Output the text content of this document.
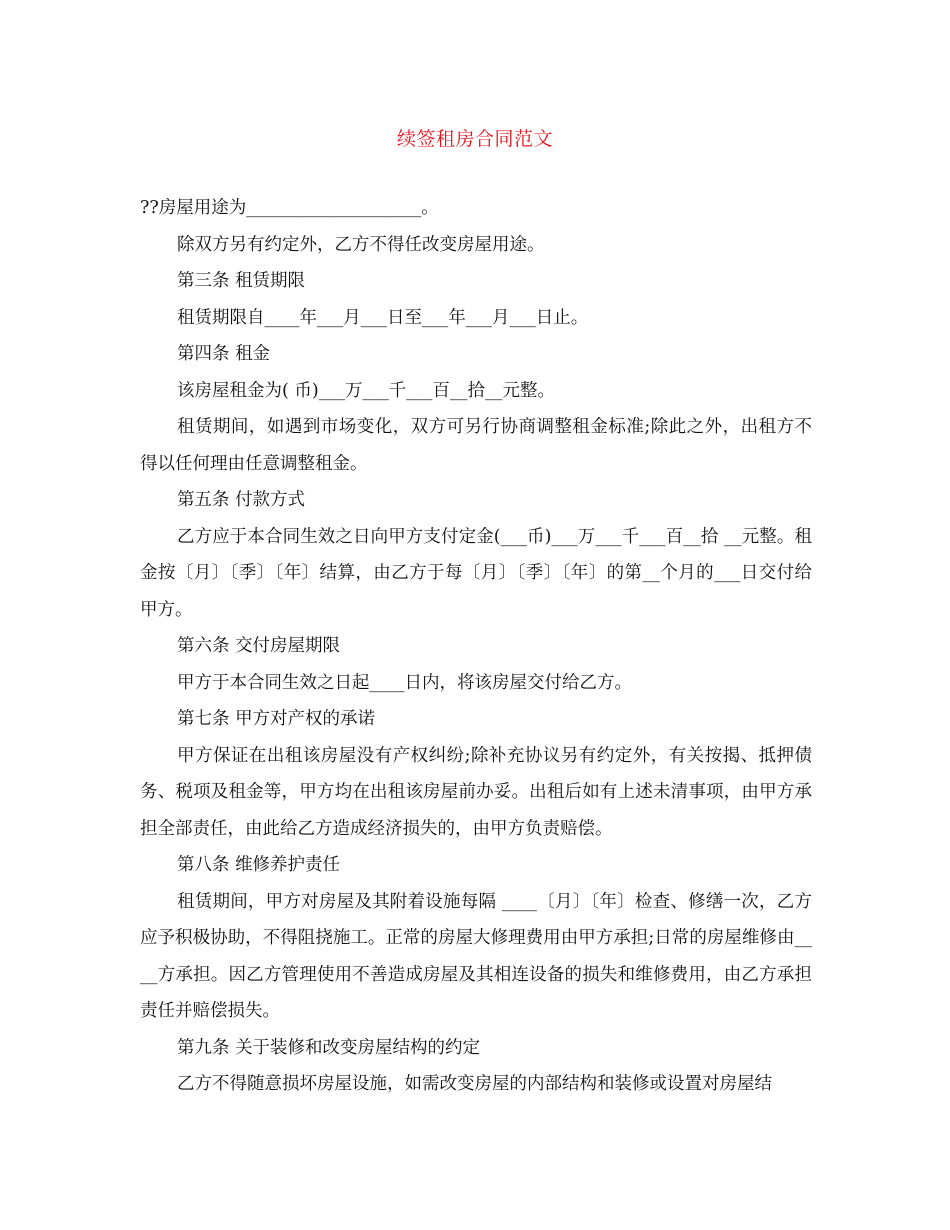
续签租房合同范文

??房屋用途为____________________。

除双方另有约定外，乙方不得任改变房屋用途。

第三条 租赁期限

租赁期限自____年___月___日至___年___月___日止。

第四条 租金

该房屋租金为( 币)___万___千___百__拾__元整。

租赁期间，如遇到市场变化，双方可另行协商调整租金标准;除此之外，出租方不得以任何理由任意调整租金。

第五条 付款方式

乙方应于本合同生效之日向甲方支付定金(___币)___万___千___百__拾 __元整。租金按〔月〕〔季〕〔年〕结算，由乙方于每〔月〕〔季〕〔年〕的第__个月的___日交付给甲方。

第六条 交付房屋期限

甲方于本合同生效之日起____日内，将该房屋交付给乙方。

第七条 甲方对产权的承诺

甲方保证在出租该房屋没有产权纠纷;除补充协议另有约定外，有关按揭、抵押债务、税项及租金等，甲方均在出租该房屋前办妥。出租后如有上述未清事项，由甲方承担全部责任，由此给乙方造成经济损失的，由甲方负责赔偿。

第八条 维修养护责任

租赁期间，甲方对房屋及其附着设施每隔 ____〔月〕〔年〕检查、修缮一次，乙方应予积极协助，不得阻挠施工。正常的房屋大修理费用由甲方承担;日常的房屋维修由____方承担。因乙方管理使用不善造成房屋及其相连设备的损失和维修费用，由乙方承担责任并赔偿损失。

第九条 关于装修和改变房屋结构的约定

乙方不得随意损坏房屋设施，如需改变房屋的内部结构和装修或设置对房屋结
